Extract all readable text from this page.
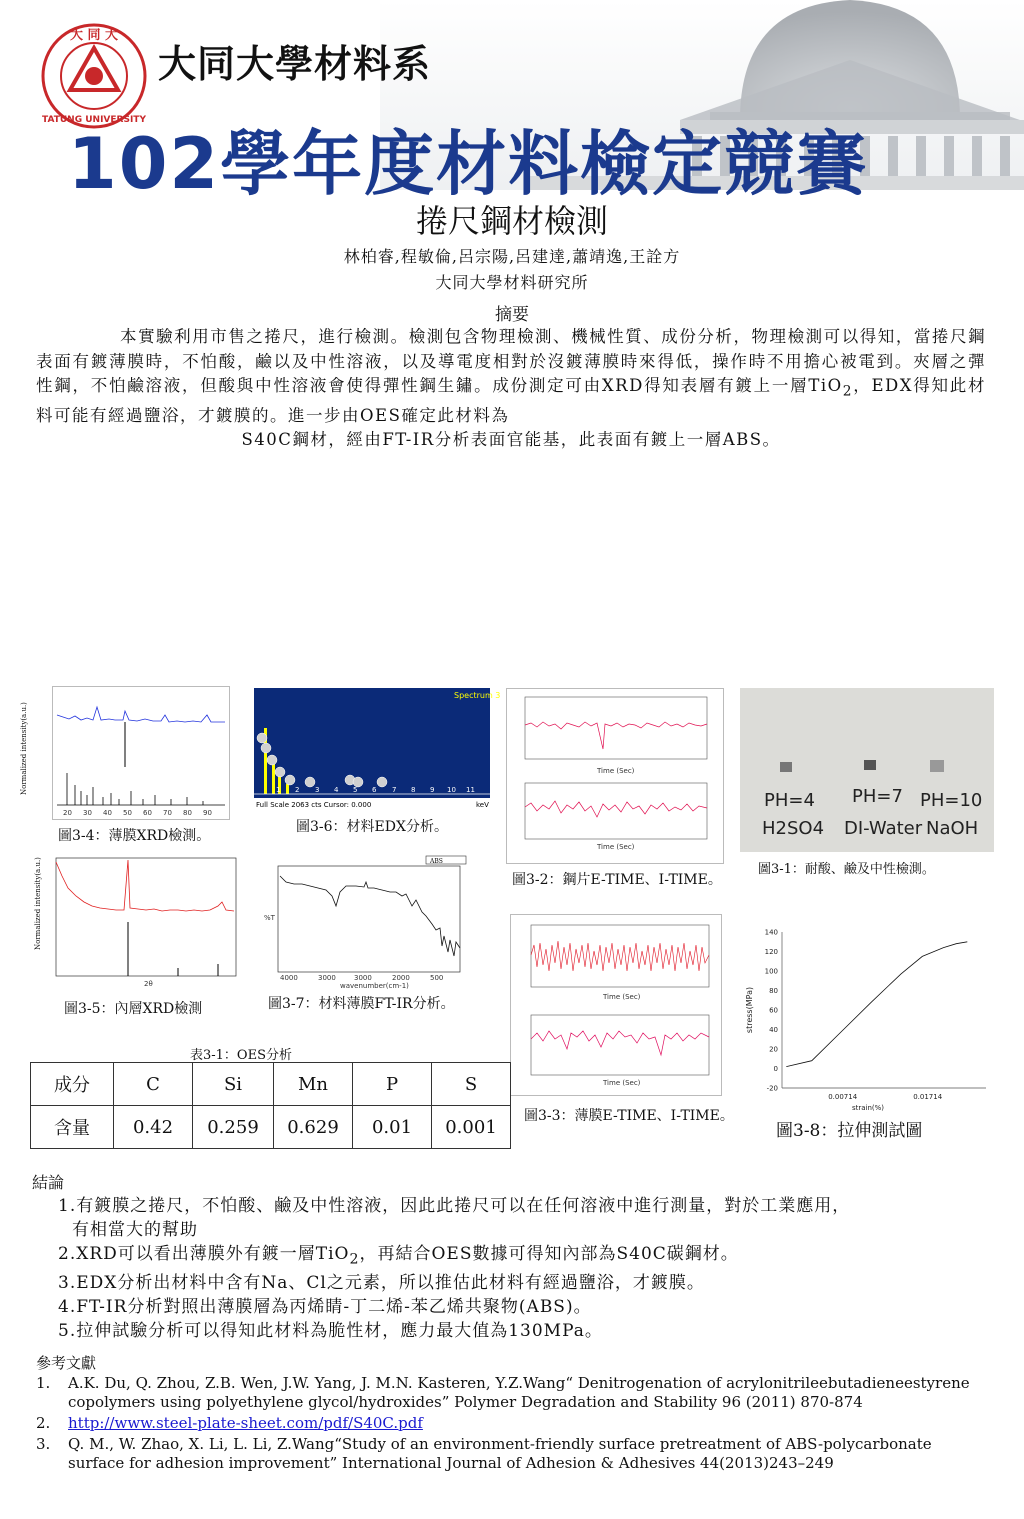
大 同 大
TATUNG UNIVERSITY
大同大學材料系
102學年度材料檢定競賽
捲尺鋼材檢測
林柏睿,程敏倫,呂宗陽,呂建達,蕭靖逸,王詮方
大同大學材料研究所
摘要
本實驗利用市售之捲尺，進行檢測。檢測包含物理檢測、機械性質、成份分析，物理檢測可以得知，當捲尺鋼表面有鍍薄膜時，不怕酸，鹼以及中性溶液，以及導電度相對於沒鍍薄膜時來得低，操作時不用擔心被電到。夾層之彈性鋼，不怕鹼溶液，但酸與中性溶液會使得彈性鋼生鏽。成份測定可由XRD得知表層有鍍上一層TiO$_2$，EDX得知此材料可能有經過鹽浴，才鍍膜的。進一步由OES確定此材料為
S40C鋼材，經由FT-IR分析表面官能基，此表面有鍍上一層ABS。
20 30 40 50 60 70 80 90
Normalized intensity(a.u.)
圖3-4：薄膜XRD檢測。
Spectrum 3
1 2 3 4 5 6 7 8 9 10 11
Full Scale 2063 cts Cursor: 0.000	keV
圖3-6：材料EDX分析。
Time (Sec)
Time (Sec)
圖3-2：鋼片E-TIME、I-TIME。
PH=4 PH=7 PH=10
H2SO4 DI-Water NaOH
圖3-1：耐酸、鹼及中性檢測。
2θ
Normalized intensity(a.u.)
圖3-5：內層XRD檢測
ABS
4000	3000	3000	2000	500
wavenumber(cm-1)
%T
圖3-7：材料薄膜FT-IR分析。	Time (Sec)
Time (Sec)
圖3-3：薄膜E-TIME、I-TIME。
-20
0
20
40
60
80
100
120
140
0.00714	0.01714
strain(%)
stress(MPa)
圖3-8：拉伸測試圖
表3-1：OES分析
成分	C	Si	Mn	P	S
含量	0.42	0.259	0.629	0.01	0.001
結論
1.有鍍膜之捲尺，不怕酸、鹼及中性溶液，因此此捲尺可以在任何溶液中進行測量，對於工業應用，
有相當大的幫助
2.XRD可以看出薄膜外有鍍一層TiO$_2$，再結合OES數據可得知內部為S40C碳鋼材。
3.EDX分析出材料中含有Na、Cl之元素，所以推估此材料有經過鹽浴，才鍍膜。
4.FT-IR分析對照出薄膜層為丙烯睛-丁二烯-苯乙烯共聚物(ABS)。
5.拉伸試驗分析可以得知此材料為脆性材，應力最大值為130MPa。
參考文獻
1.	A.K. Du, Q. Zhou, Z.B. Wen, J.W. Yang, J. M.N. Kasteren, Y.Z.Wang“ Denitrogenation of acrylonitrileebutadieneestyrene copolymers using polyethylene glycol/hydroxides” Polymer Degradation and Stability 96 (2011) 870-874
2.	http://www.steel-plate-sheet.com/pdf/S40C.pdf
3.	Q. M., W. Zhao, X. Li, L. Li, Z.Wang“Study of an environment-friendly surface pretreatment of ABS-polycarbonate surface for adhesion improvement” International Journal of Adhesion & Adhesives 44(2013)243–249
